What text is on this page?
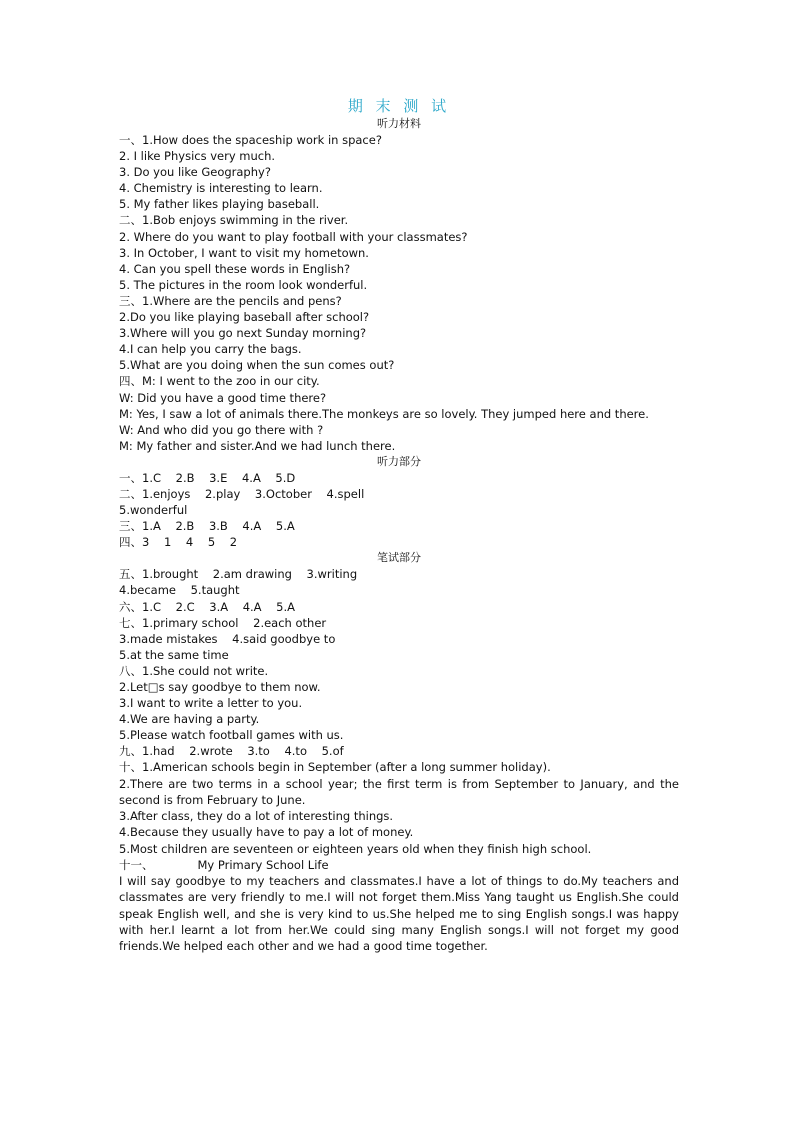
期 末 测 试
听力材料
一、1.How does the spaceship work in space?
2. I like Physics very much.
3. Do you like Geography?
4. Chemistry is interesting to learn.
5. My father likes playing baseball.
二、1.Bob enjoys swimming in the river.
2. Where do you want to play football with your classmates?
3. In October, I want to visit my hometown.
4. Can you spell these words in English?
5. The pictures in the room look wonderful.
三、1.Where are the pencils and pens?
2.Do you like playing baseball after school?
3.Where will you go next Sunday morning?
4.I can help you carry the bags.
5.What are you doing when the sun comes out?
四、M: I went to the zoo in our city.
W: Did you have a good time there?
M: Yes, I saw a lot of animals there.The monkeys are so lovely. They jumped here and there.
W: And who did you go there with ?
M: My father and sister.And we had lunch there.
听力部分
一、1.C    2.B    3.E    4.A    5.D
二、1.enjoys    2.play    3.October    4.spell
5.wonderful
三、1.A    2.B    3.B    4.A    5.A
四、3    1    4    5    2
笔试部分
五、1.brought    2.am drawing    3.writing
4.became    5.taught
六、1.C    2.C    3.A    4.A    5.A
七、1.primary school    2.each other
3.made mistakes    4.said goodbye to
5.at the same time
八、1.She could not write.
2.Let□s say goodbye to them now.
3.I want to write a letter to you.
4.We are having a party.
5.Please watch football games with us.
九、1.had    2.wrote    3.to    4.to    5.of
十、1.American schools begin in September (after a long summer holiday).
2.There are two terms in a school year; the first term is from September to January, and the second is from February to June.
3.After class, they do a lot of interesting things.
4.Because they usually have to pay a lot of money.
5.Most children are seventeen or eighteen years old when they finish high school.
十一、	My Primary School Life
I will say goodbye to my teachers and classmates.I have a lot of things to do.My teachers and classmates are very friendly to me.I will not forget them.Miss Yang taught us English.She could speak English well, and she is very kind to us.She helped me to sing English songs.I was happy with her.I learnt a lot from her.We could sing many English songs.I will not forget my good friends.We helped each other and we had a good time together.
